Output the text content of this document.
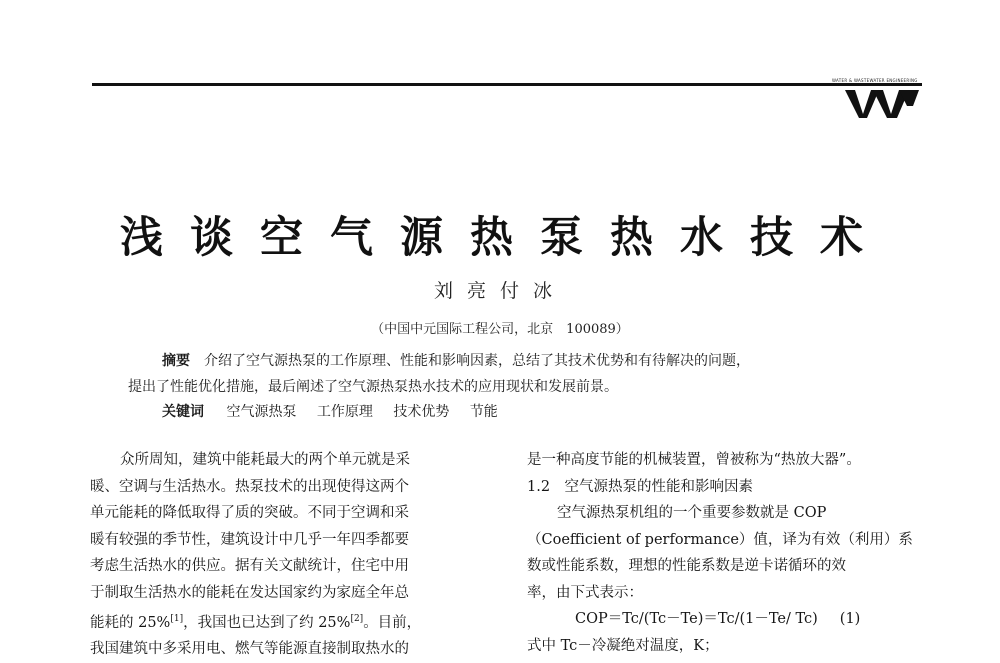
WATER & WASTEWATER ENGINEERING
浅谈空气源热泵热水技术
刘亮付冰
（中国中元国际工程公司，北京　100089）
摘要 介绍了空气源热泵的工作原理、性能和影响因素，总结了其技术优势和有待解决的问题，
提出了性能优化措施，最后阐述了空气源热泵热水技术的应用现状和发展前景。
关键词 空气源热泵 工作原理 技术优势 节能

众所周知，建筑中能耗最大的两个单元就是采

暖、空调与生活热水。热泵技术的出现使得这两个

单元能耗的降低取得了质的突破。不同于空调和采

暖有较强的季节性，建筑设计中几乎一年四季都要

考虑生活热水的供应。据有关文献统计，住宅中用

于制取生活热水的能耗在发达国家约为家庭全年总

能耗的 25%[1]，我国也已达到了约 25%[2]。目前，

我国建筑中多采用电、燃气等能源直接制取热水的

是一种高度节能的机械装置，曾被称为“热放大器”。

1.2　空气源热泵的性能和影响因素

空气源热泵机组的一个重要参数就是 COP

（Coefficient of performance）值，译为有效（利用）系

数或性能系数，理想的性能系数是逆卡诺循环的效

率，由下式表示：

COP＝Tc/(Tc－Te)＝Tc/(1－Te/ Tc) (1)

式中 Tc－冷凝绝对温度，K；
